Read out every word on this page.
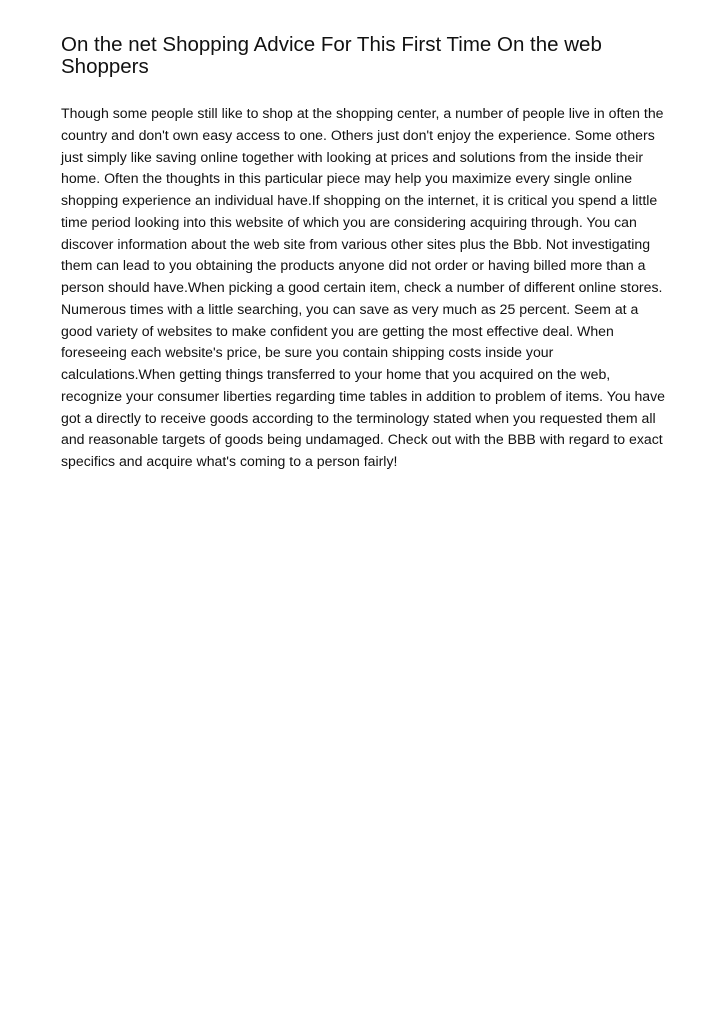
On the net Shopping Advice For This First Time On the web Shoppers

Though some people still like to shop at the shopping center, a number of people live in often the country and don't own easy access to one. Others just don't enjoy the experience. Some others just simply like saving online together with looking at prices and solutions from the inside their home. Often the thoughts in this particular piece may help you maximize every single online shopping experience an individual have.If shopping on the internet, it is critical you spend a little time period looking into this website of which you are considering acquiring through. You can discover information about the web site from various other sites plus the Bbb. Not investigating them can lead to you obtaining the products anyone did not order or having billed more than a person should have.When picking a good certain item, check a number of different online stores. Numerous times with a little searching, you can save as very much as 25 percent. Seem at a good variety of websites to make confident you are getting the most effective deal. When foreseeing each website's price, be sure you contain shipping costs inside your calculations.When getting things transferred to your home that you acquired on the web, recognize your consumer liberties regarding time tables in addition to problem of items. You have got a directly to receive goods according to the terminology stated when you requested them all and reasonable targets of goods being undamaged. Check out with the BBB with regard to exact specifics and acquire what's coming to a person fairly!
